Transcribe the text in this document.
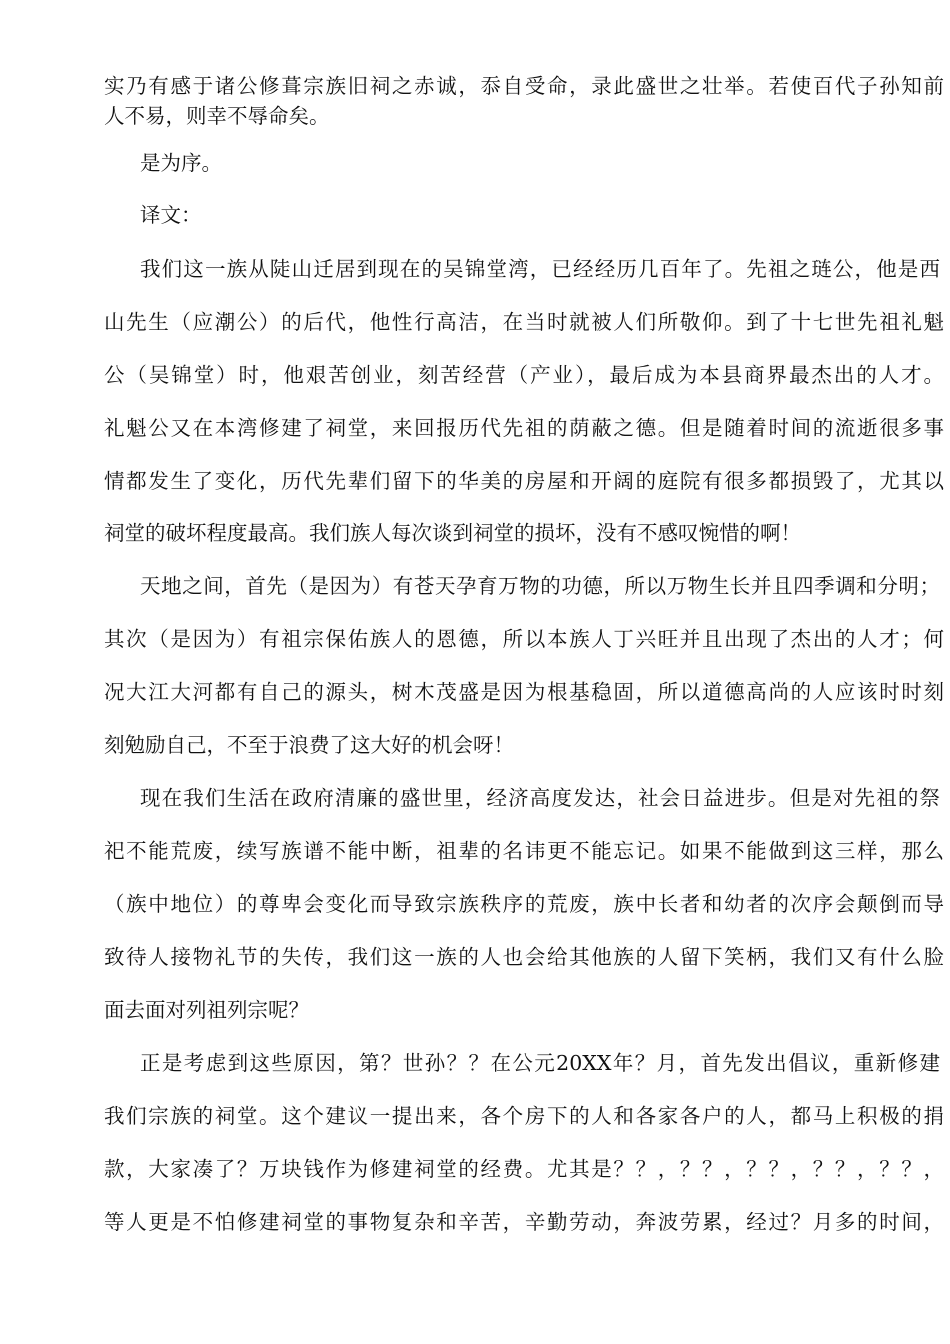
实乃有感于诸公修葺宗族旧祠之赤诚，忝自受命，录此盛世之壮举。若使百代子孙知前
人不易，则幸不辱命矣。
是为序。
译文：
我们这一族从陡山迁居到现在的吴锦堂湾，已经经历几百年了。先祖之琏公，他是西
山先生（应潮公）的后代，他性行高洁，在当时就被人们所敬仰。到了十七世先祖礼魁
公（吴锦堂）时，他艰苦创业，刻苦经营（产业），最后成为本县商界最杰出的人才。
礼魁公又在本湾修建了祠堂，来回报历代先祖的荫蔽之德。但是随着时间的流逝很多事
情都发生了变化，历代先辈们留下的华美的房屋和开阔的庭院有很多都损毁了，尤其以
祠堂的破坏程度最高。我们族人每次谈到祠堂的损坏，没有不感叹惋惜的啊！
天地之间，首先（是因为）有苍天孕育万物的功德，所以万物生长并且四季调和分明；
其次（是因为）有祖宗保佑族人的恩德，所以本族人丁兴旺并且出现了杰出的人才；何
况大江大河都有自己的源头，树木茂盛是因为根基稳固，所以道德高尚的人应该时时刻
刻勉励自己，不至于浪费了这大好的机会呀！
现在我们生活在政府清廉的盛世里，经济高度发达，社会日益进步。但是对先祖的祭
祀不能荒废，续写族谱不能中断，祖辈的名讳更不能忘记。如果不能做到这三样，那么
（族中地位）的尊卑会变化而导致宗族秩序的荒废，族中长者和幼者的次序会颠倒而导
致待人接物礼节的失传，我们这一族的人也会给其他族的人留下笑柄，我们又有什么脸
面去面对列祖列宗呢？
正是考虑到这些原因，第？世孙？？在公元20XX年？月，首先发出倡议，重新修建
我们宗族的祠堂。这个建议一提出来，各个房下的人和各家各户的人，都马上积极的捐
款，大家凑了？万块钱作为修建祠堂的经费。尤其是？？，？？，？？，？？，？？，
等人更是不怕修建祠堂的事物复杂和辛苦，辛勤劳动，奔波劳累，经过？月多的时间，
